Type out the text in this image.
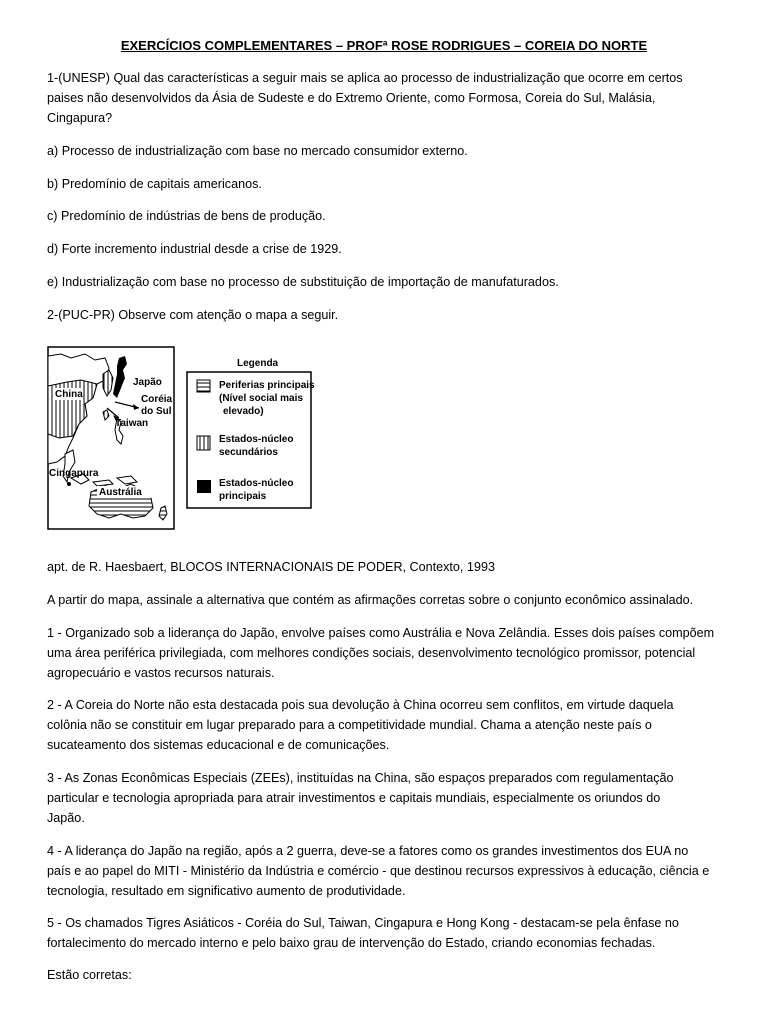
EXERCÍCIOS COMPLEMENTARES – PROFª ROSE RODRIGUES – COREIA DO NORTE
1-(UNESP) Qual das características a seguir mais se aplica ao processo de industrialização que ocorre em certos
paises não desenvolvidos da Ásia de Sudeste e do Extremo Oriente, como Formosa, Coreia do Sul, Malásia,
Cingapura?
a) Processo de industrialização com base no mercado consumidor externo.
b) Predomínio de capitais americanos.
c) Predomínio de indústrias de bens de produção.
d) Forte incremento industrial desde a crise de 1929.
e) Industrialização com base no processo de substituição de importação de manufaturados.
2-(PUC-PR) Observe com atenção o mapa a seguir.
China
Japão
Coréia
do Sul
Taiwan
Cingapura
Austrália
Legenda
Periferias principais
(Nível social mais
elevado)
Estados-núcleo
secundários
Estados-núcleo
principais
apt. de R. Haesbaert, BLOCOS INTERNACIONAIS DE PODER, Contexto, 1993
A partir do mapa, assinale a alternativa que contém as afirmações corretas sobre o conjunto econômico assinalado.
1 - Organizado sob a liderança do Japão, envolve países como Austrália e Nova Zelândia. Esses dois países compõem
uma área periférica privilegiada, com melhores condições sociais, desenvolvimento tecnológico promissor, potencial
agropecuário e vastos recursos naturais.
2 - A Coreia do Norte não esta destacada pois sua devolução à China ocorreu sem conflitos, em virtude daquela
colônia não se constituir em lugar preparado para a competitividade mundial. Chama a atenção neste país o
sucateamento dos sistemas educacional e de comunicações.
3 - As Zonas Econômicas Especiais (ZEEs), instituídas na China, são espaços preparados com regulamentação
particular e tecnologia apropriada para atrair investimentos e capitais mundiais, especialmente os oriundos do
Japão.
4 - A liderança do Japão na região, após a 2 guerra, deve-se a fatores como os grandes investimentos dos EUA no
país e ao papel do MITI - Ministério da Indústria e comércio - que destinou recursos expressivos à educação, ciência e
tecnologia, resultado em significativo aumento de produtividade.
5 - Os chamados Tigres Asiáticos - Coréia do Sul, Taiwan, Cingapura e Hong Kong - destacam-se pela ênfase no
fortalecimento do mercado interno e pelo baixo grau de intervenção do Estado, criando economias fechadas.
Estão corretas:
